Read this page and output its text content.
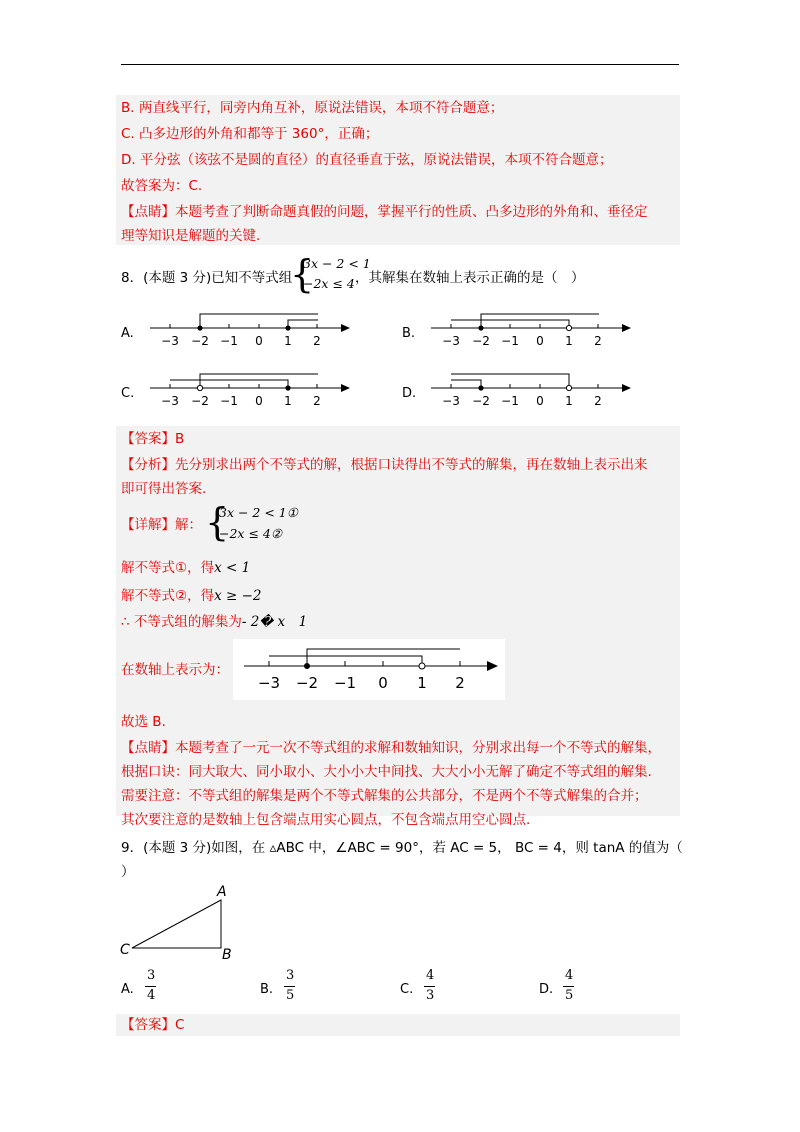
B. 两直线平行，同旁内角互补，原说法错误，本项不符合题意；
C. 凸多边形的外角和都等于 360°，正确；
D. 平分弦（该弦不是圆的直径）的直径垂直于弦，原说法错误，本项不符合题意；
故答案为：C.
【点睛】本题考查了判断命题真假的问题，掌握平行的性质、凸多边形的外角和、垂径定
理等知识是解题的关键.
8．(本题 3 分)已知不等式组
{
3x − 2 < 1
−2x ≤ 4 ，其解集在数轴上表示正确的是（　）
A. −3 −2 −1 0 1 2	B. −3 −2 −1 0 1 2
C. −3 −2 −1 0 1 2	D. −3 −2 −1 0 1 2
【答案】B
【分析】先分别求出两个不等式的解，根据口诀得出不等式的解集，再在数轴上表示出来
即可得出答案.
【详解】解： {
3x − 2 < 1①
−2x ≤ 4②
解不等式①，得x < 1
解不等式②，得x ≥ −2
∴ 不等式组的解集为- 2� x　1
在数轴上表示为：
−3 −2 −1 0 1 2
故选 B.
【点睛】本题考查了一元一次不等式组的求解和数轴知识，分别求出每一个不等式的解集，
根据口诀：同大取大、同小取小、大小小大中间找、大大小小无解了确定不等式组的解集.
需要注意：不等式组的解集是两个不等式解集的公共部分，不是两个不等式解集的合并；
其次要注意的是数轴上包含端点用实心圆点，不包含端点用空心圆点.
9．(本题 3 分)如图，在 ▵ABC 中，∠ABC = 90°，若 AC = 5， BC = 4，则 tanA 的值为（
）
A
B
C
A.
3
4	B.
3
5	C.
4
3	D.
4
5
【答案】C
